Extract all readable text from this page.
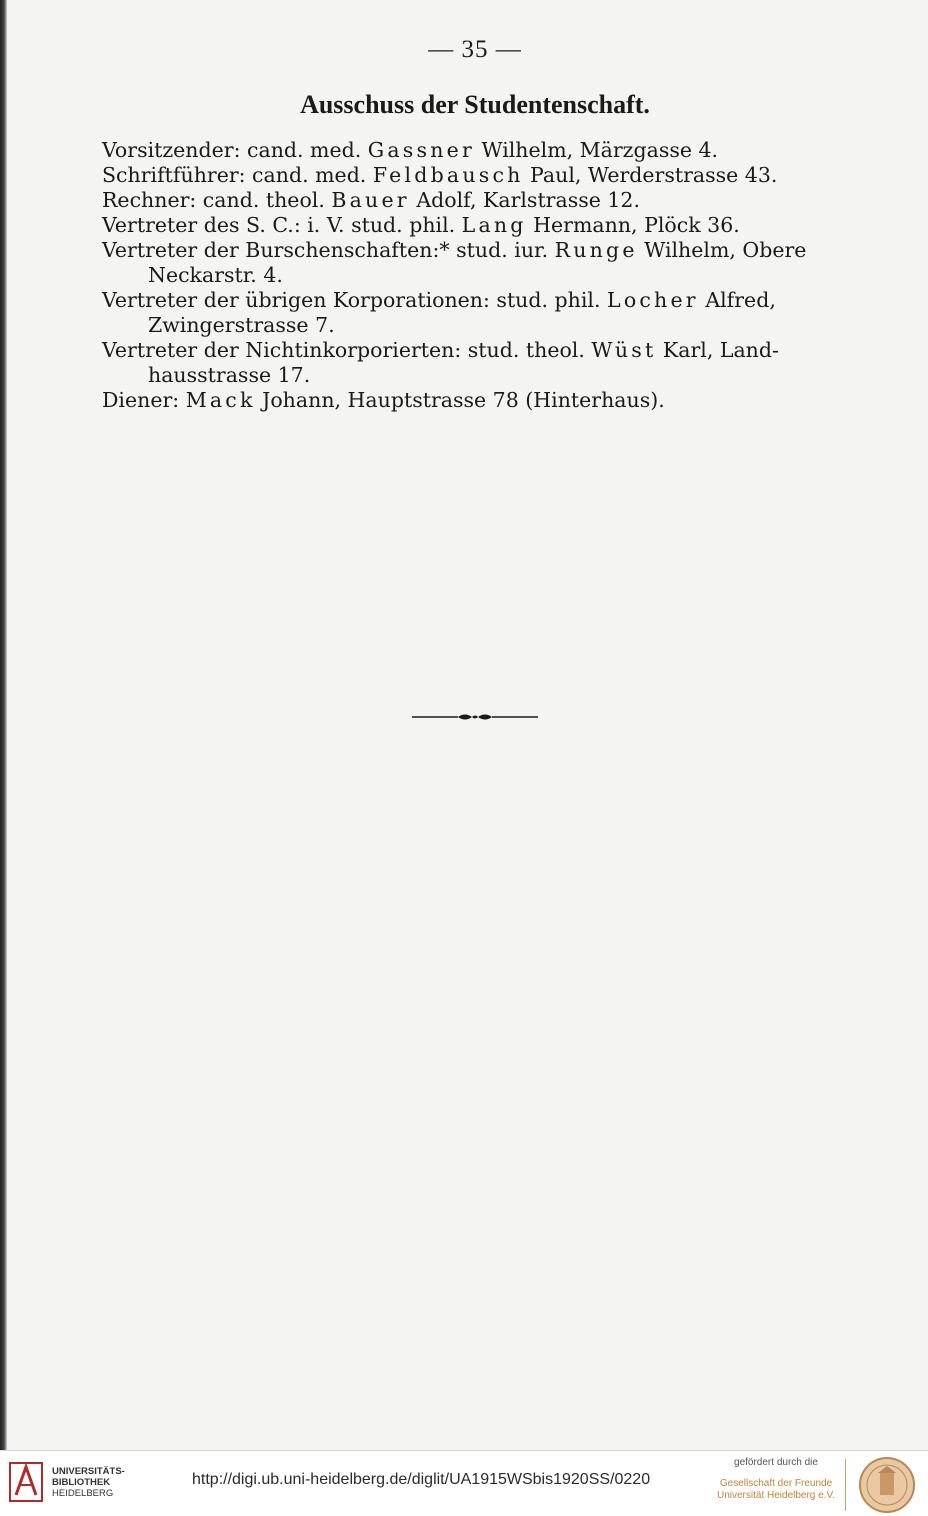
— 35 —
Ausschuss der Studentenschaft.

Vorsitzender: cand. med. Gassner Wilhelm, Märzgasse 4.

Schriftführer: cand. med. Feldbausch Paul, Werderstrasse 43.

Rechner: cand. theol. Bauer Adolf, Karlstrasse 12.

Vertreter des S. C.: i. V. stud. phil. Lang Hermann, Plöck 36.

Vertreter der Burschenschaften:* stud. iur. Runge Wilhelm, Obere
Neckarstr. 4.

Vertreter der übrigen Korporationen: stud. phil. Locher Alfred,
Zwingerstrasse 7.

Vertreter der Nichtinkorporierten: stud. theol. Wüst Karl, Land-
hausstrasse 17.

Diener: Mack Johann, Hauptstrasse 78 (Hinterhaus).

UNIVERSITÄTS-
BIBLIOTHEK
HEIDELBERG
http://digi.ub.uni-heidelberg.de/diglit/UA1915WSbis1920SS/0220
gefördert durch die
Gesellschaft der Freunde
Universität Heidelberg e.V.
